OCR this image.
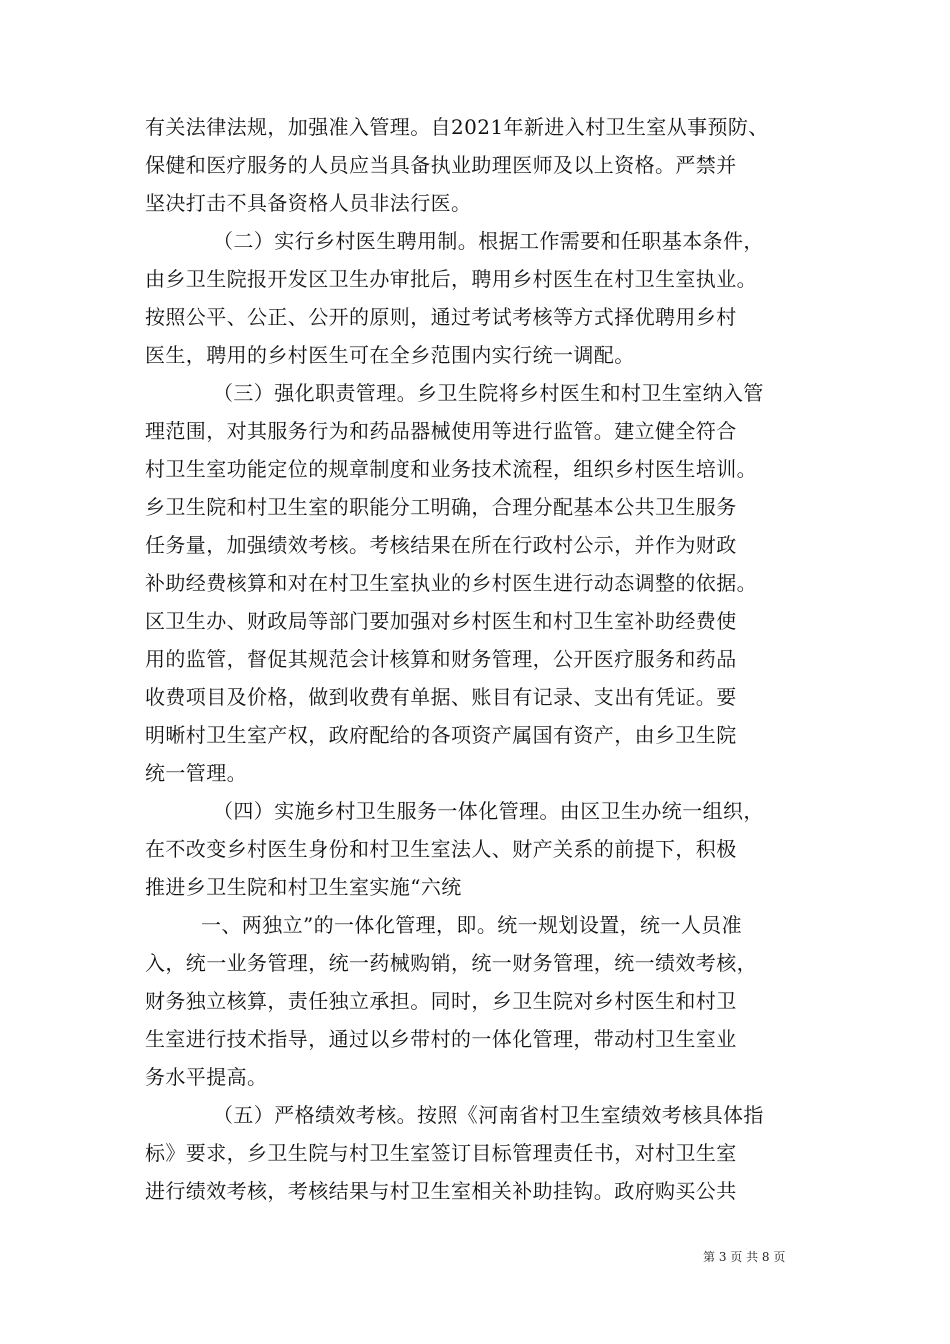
有关法律法规，加强准入管理。自2021年新进入村卫生室从事预防、
保健和医疗服务的人员应当具备执业助理医师及以上资格。严禁并
坚决打击不具备资格人员非法行医。
（二）实行乡村医生聘用制。根据工作需要和任职基本条件，
由乡卫生院报开发区卫生办审批后，聘用乡村医生在村卫生室执业。
按照公平、公正、公开的原则，通过考试考核等方式择优聘用乡村
医生，聘用的乡村医生可在全乡范围内实行统一调配。
（三）强化职责管理。乡卫生院将乡村医生和村卫生室纳入管
理范围，对其服务行为和药品器械使用等进行监管。建立健全符合
村卫生室功能定位的规章制度和业务技术流程，组织乡村医生培训。
乡卫生院和村卫生室的职能分工明确，合理分配基本公共卫生服务
任务量，加强绩效考核。考核结果在所在行政村公示，并作为财政
补助经费核算和对在村卫生室执业的乡村医生进行动态调整的依据。
区卫生办、财政局等部门要加强对乡村医生和村卫生室补助经费使
用的监管，督促其规范会计核算和财务管理，公开医疗服务和药品
收费项目及价格，做到收费有单据、账目有记录、支出有凭证。要
明晰村卫生室产权，政府配给的各项资产属国有资产，由乡卫生院
统一管理。
（四）实施乡村卫生服务一体化管理。由区卫生办统一组织，
在不改变乡村医生身份和村卫生室法人、财产关系的前提下，积极
推进乡卫生院和村卫生室实施“六统
一、两独立”的一体化管理，即。统一规划设置，统一人员准
入，统一业务管理，统一药械购销，统一财务管理，统一绩效考核，
财务独立核算，责任独立承担。同时，乡卫生院对乡村医生和村卫
生室进行技术指导，通过以乡带村的一体化管理，带动村卫生室业
务水平提高。
（五）严格绩效考核。按照《河南省村卫生室绩效考核具体指
标》要求，乡卫生院与村卫生室签订目标管理责任书，对村卫生室
进行绩效考核，考核结果与村卫生室相关补助挂钩。政府购买公共
第 3 页 共 8 页
